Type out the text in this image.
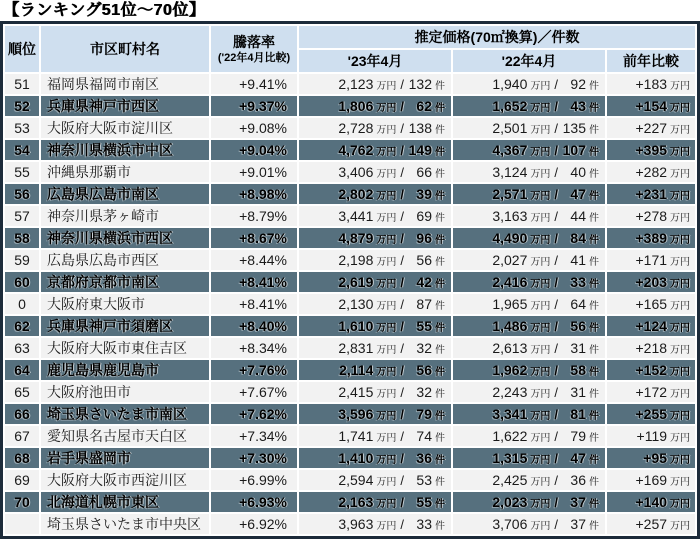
【ランキング51位〜70位】
順位	市区町村名	騰落率
('22年4月比較)	推定価格(70㎡換算)／件数		
			'23年4月	'22年4月	前年比較
51	福岡県福岡市南区	+9.41%	2,123 万円 / 132 件	1,940 万円 / 92 件	+183 万円

52	兵庫県神戸市西区	+9.37%	1,806 万円 / 62 件	1,652 万円 / 43 件	+154 万円

53	大阪府大阪市淀川区	+9.08%	2,728 万円 / 138 件	2,501 万円 / 135 件	+227 万円

54	神奈川県横浜市中区	+9.04%	4,762 万円 / 149 件	4,367 万円 / 107 件	+395 万円

55	沖縄県那覇市	+9.01%	3,406 万円 / 66 件	3,124 万円 / 40 件	+282 万円

56	広島県広島市南区	+8.98%	2,802 万円 / 39 件	2,571 万円 / 47 件	+231 万円

57	神奈川県茅ヶ崎市	+8.79%	3,441 万円 / 69 件	3,163 万円 / 44 件	+278 万円

58	神奈川県横浜市西区	+8.67%	4,879 万円 / 96 件	4,490 万円 / 84 件	+389 万円

59	広島県広島市西区	+8.44%	2,198 万円 / 56 件	2,027 万円 / 41 件	+171 万円

60	京都府京都市南区	+8.41%	2,619 万円 / 42 件	2,416 万円 / 33 件	+203 万円

0	大阪府東大阪市	+8.41%	2,130 万円 / 87 件	1,965 万円 / 64 件	+165 万円

62	兵庫県神戸市須磨区	+8.40%	1,610 万円 / 55 件	1,486 万円 / 56 件	+124 万円

63	大阪府大阪市東住吉区	+8.34%	2,831 万円 / 32 件	2,613 万円 / 31 件	+218 万円

64	鹿児島県鹿児島市	+7.76%	2,114 万円 / 56 件	1,962 万円 / 58 件	+152 万円

65	大阪府池田市	+7.67%	2,415 万円 / 32 件	2,243 万円 / 31 件	+172 万円

66	埼玉県さいたま市南区	+7.62%	3,596 万円 / 79 件	3,341 万円 / 81 件	+255 万円

67	愛知県名古屋市天白区	+7.34%	1,741 万円 / 74 件	1,622 万円 / 79 件	+119 万円

68	岩手県盛岡市	+7.30%	1,410 万円 / 36 件	1,315 万円 / 47 件	+95 万円

69	大阪府大阪市西淀川区	+6.99%	2,594 万円 / 53 件	2,425 万円 / 36 件	+169 万円

70	北海道札幌市東区	+6.93%	2,163 万円 / 55 件	2,023 万円 / 37 件	+140 万円

	埼玉県さいたま市中央区	+6.92%	3,963 万円 / 33 件	3,706 万円 / 37 件	+257 万円
